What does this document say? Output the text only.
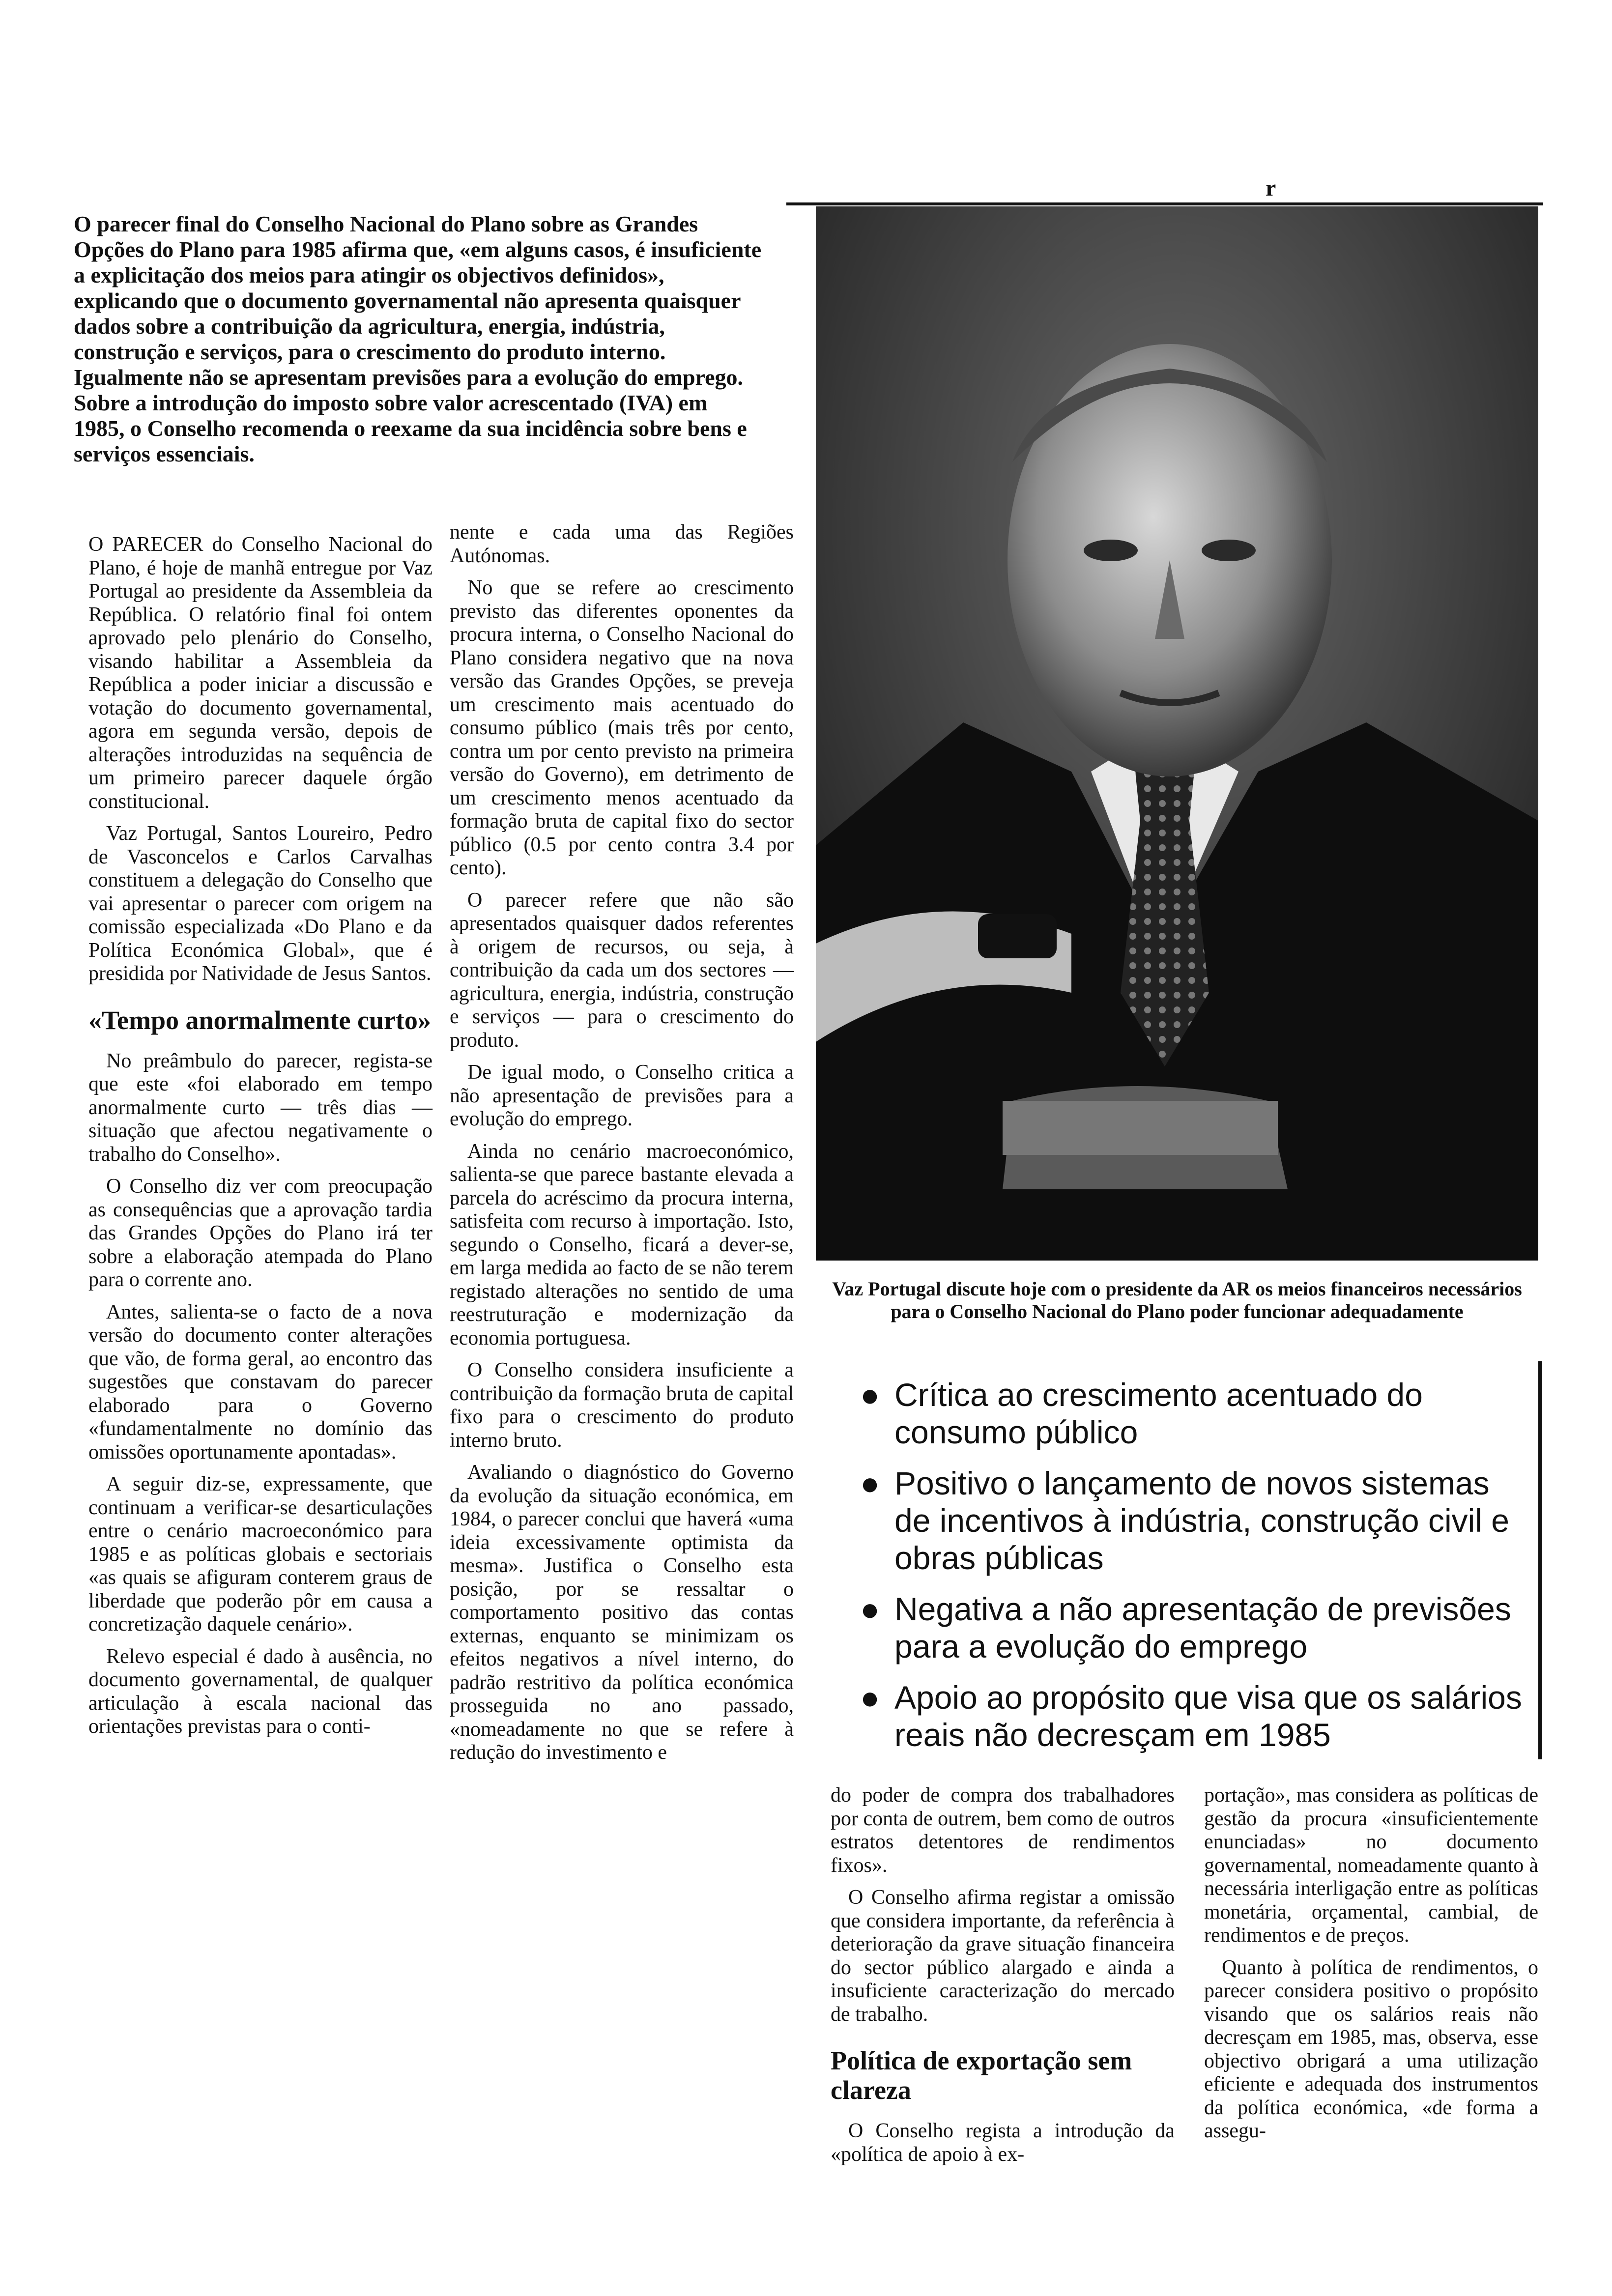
r
O parecer final do Conselho Nacional do Plano sobre as Grandes Opções do Plano para 1985 afirma que, «em alguns casos, é insuficiente a explicitação dos meios para atingir os objectivos definidos», explicando que o documento governamental não apresenta quaisquer dados sobre a contribuição da agricultura, energia, indústria, construção e serviços, para o crescimento do produto interno. Igualmente não se apresentam previsões para a evolução do emprego. Sobre a introdução do imposto sobre valor acrescentado (IVA) em 1985, o Conselho recomenda o reexame da sua incidência sobre bens e serviços essenciais.

O PARECER do Conselho Nacional do Plano, é hoje de manhã entregue por Vaz Portugal ao presidente da Assembleia da República. O relatório final foi ontem aprovado pelo plenário do Conselho, visando habilitar a Assembleia da República a poder iniciar a discussão e votação do documento governamental, agora em segunda versão, depois de alterações introduzidas na sequência de um primeiro parecer daquele órgão constitucional.

Vaz Portugal, Santos Loureiro, Pedro de Vasconcelos e Carlos Carvalhas constituem a delegação do Conselho que vai apresentar o parecer com origem na comissão especializada «Do Plano e da Política Económica Global», que é presidida por Natividade de Jesus Santos.

«Tempo anormalmente curto»

No preâmbulo do parecer, regista-se que este «foi elaborado em tempo anormalmente curto — três dias — situação que afectou negativamente o trabalho do Conselho».

O Conselho diz ver com preocupação as consequências que a aprovação tardia das Grandes Opções do Plano irá ter sobre a elaboração atempada do Plano para o corrente ano.

Antes, salienta-se o facto de a nova versão do documento conter alterações que vão, de forma geral, ao encontro das sugestões que constavam do parecer elaborado para o Governo «fundamentalmente no domínio das omissões oportunamente apontadas».

A seguir diz-se, expressamente, que continuam a verificar-se desarticulações entre o cenário macroeconómico para 1985 e as políticas globais e sectoriais «as quais se afiguram conterem graus de liberdade que poderão pôr em causa a concretização daquele cenário».

Relevo especial é dado à ausência, no documento governamental, de qualquer articulação à escala nacional das orientações previstas para o conti-

nente e cada uma das Regiões Autónomas.

No que se refere ao crescimento previsto das diferentes oponentes da procura interna, o Conselho Nacional do Plano considera negativo que na nova versão das Grandes Opções, se preveja um crescimento mais acentuado do consumo público (mais três por cento, contra um por cento previsto na primeira versão do Governo), em detrimento de um crescimento menos acentuado da formação bruta de capital fixo do sector público (0.5 por cento contra 3.4 por cento).

O parecer refere que não são apresentados quaisquer dados referentes à origem de recursos, ou seja, à contribuição da cada um dos sectores — agricultura, energia, indústria, construção e serviços — para o crescimento do produto.

De igual modo, o Conselho critica a não apresentação de previsões para a evolução do emprego.

Ainda no cenário macroeconómico, salienta-se que parece bastante elevada a parcela do acréscimo da procura interna, satisfeita com recurso à importação. Isto, segundo o Conselho, ficará a dever-se, em larga medida ao facto de se não terem registado alterações no sentido de uma reestruturação e modernização da economia portuguesa.

O Conselho considera insuficiente a contribuição da formação bruta de capital fixo para o crescimento do produto interno bruto.

Avaliando o diagnóstico do Governo da evolução da situação económica, em 1984, o parecer conclui que haverá «uma ideia excessivamente optimista da mesma». Justifica o Conselho esta posição, por se ressaltar o comportamento positivo das contas externas, enquanto se minimizam os efeitos negativos a nível interno, do padrão restritivo da política económica prosseguida no ano passado, «nomeadamente no que se refere à redução do investimento e

Vaz Portugal discute hoje com o presidente da AR os meios financeiros necessários para o Conselho Nacional do Plano poder funcionar adequadamente
● Crítica ao crescimento acentuado do consumo público
● Positivo o lançamento de novos sistemas de incentivos à indústria, construção civil e obras públicas
● Negativa a não apresentação de previsões para a evolução do emprego
● Apoio ao propósito que visa que os salários reais não decresçam em 1985

do poder de compra dos trabalhadores por conta de outrem, bem como de outros estratos detentores de rendimentos fixos».

O Conselho afirma registar a omissão que considera importante, da referência à deterioração da grave situação financeira do sector público alargado e ainda a insuficiente caracterização do mercado de trabalho.

Política de exportação sem clareza

O Conselho regista a introdução da «política de apoio à ex-

portação», mas considera as políticas de gestão da procura «insuficientemente enunciadas» no documento governamental, nomeadamente quanto à necessária interligação entre as políticas monetária, orçamental, cambial, de rendimentos e de preços.

Quanto à política de rendimentos, o parecer considera positivo o propósito visando que os salários reais não decresçam em 1985, mas, observa, esse objectivo obrigará a uma utilização eficiente e adequada dos instrumentos da política económica, «de forma a assegu-
